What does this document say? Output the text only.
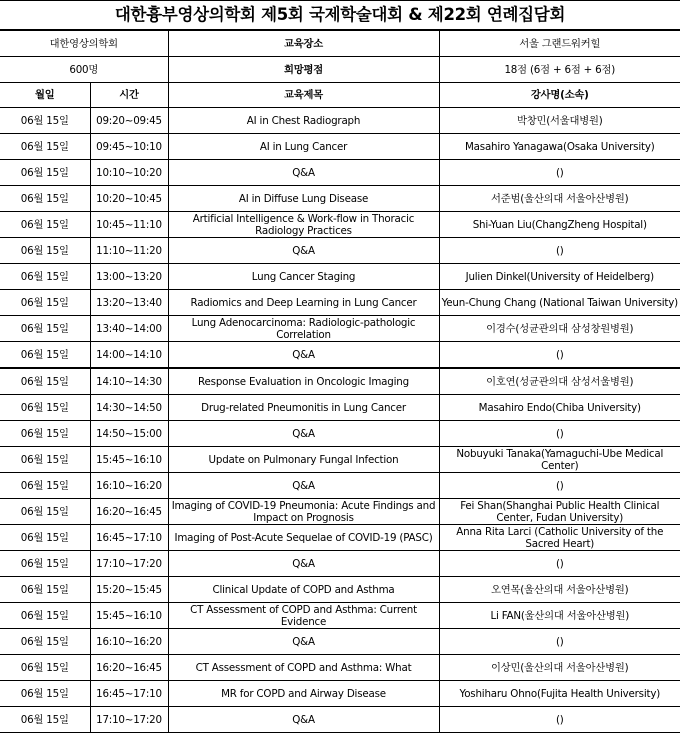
대한흉부영상의학회 제5회 국제학술대회 & 제22회 연례집담회
대한영상의학회		교육장소	서울 그랜드워커힐
600명		희망평점	18점 (6점 + 6점 + 6점)
월일	시간	교육제목	강사명(소속)
06월 15일	09:20~09:45	AI in Chest Radiograph	박창민(서울대병원)
06월 15일	09:45~10:10	AI in Lung Cancer	Masahiro Yanagawa(Osaka University)
06월 15일	10:10~10:20	Q&A	()
06월 15일	10:20~10:45	AI in Diffuse Lung Disease	서준범(울산의대 서울아산병원)
06월 15일	10:45~11:10	Artificial Intelligence & Work-flow in Thoracic Radiology Practices	Shi-Yuan Liu(ChangZheng Hospital)
06월 15일	11:10~11:20	Q&A	()
06월 15일	13:00~13:20	Lung Cancer Staging	Julien Dinkel(University of Heidelberg)
06월 15일	13:20~13:40	Radiomics and Deep Learning in Lung Cancer	Yeun-Chung Chang (National Taiwan University)
06월 15일	13:40~14:00	Lung Adenocarcinoma: Radiologic-pathologic Correlation	이경수(성균관의대 삼성창원병원)
06월 15일	14:00~14:10	Q&A	()
06월 15일	14:10~14:30	Response Evaluation in Oncologic Imaging	이호연(성균관의대 삼성서울병원)
06월 15일	14:30~14:50	Drug-related Pneumonitis in Lung Cancer	Masahiro Endo(Chiba University)
06월 15일	14:50~15:00	Q&A	()
06월 15일	15:45~16:10	Update on Pulmonary Fungal Infection	Nobuyuki Tanaka(Yamaguchi-Ube Medical Center)
06월 15일	16:10~16:20	Q&A	()
06월 15일	16:20~16:45	Imaging of COVID-19 Pneumonia: Acute Findings and Impact on Prognosis	Fei Shan(Shanghai Public Health Clinical Center, Fudan University)
06월 15일	16:45~17:10	Imaging of Post-Acute Sequelae of COVID-19 (PASC)	Anna Rita Larci (Catholic University of the Sacred Heart)
06월 15일	17:10~17:20	Q&A	()
06월 15일	15:20~15:45	Clinical Update of COPD and Asthma	오연목(울산의대 서울아산병원)
06월 15일	15:45~16:10	CT Assessment of COPD and Asthma: Current Evidence	Li FAN(울산의대 서울아산병원)
06월 15일	16:10~16:20	Q&A	()
06월 15일	16:20~16:45	CT Assessment of COPD and Asthma: What	이상민(울산의대 서울아산병원)
06월 15일	16:45~17:10	MR for COPD and Airway Disease	Yoshiharu Ohno(Fujita Health University)
06월 15일	17:10~17:20	Q&A	()
